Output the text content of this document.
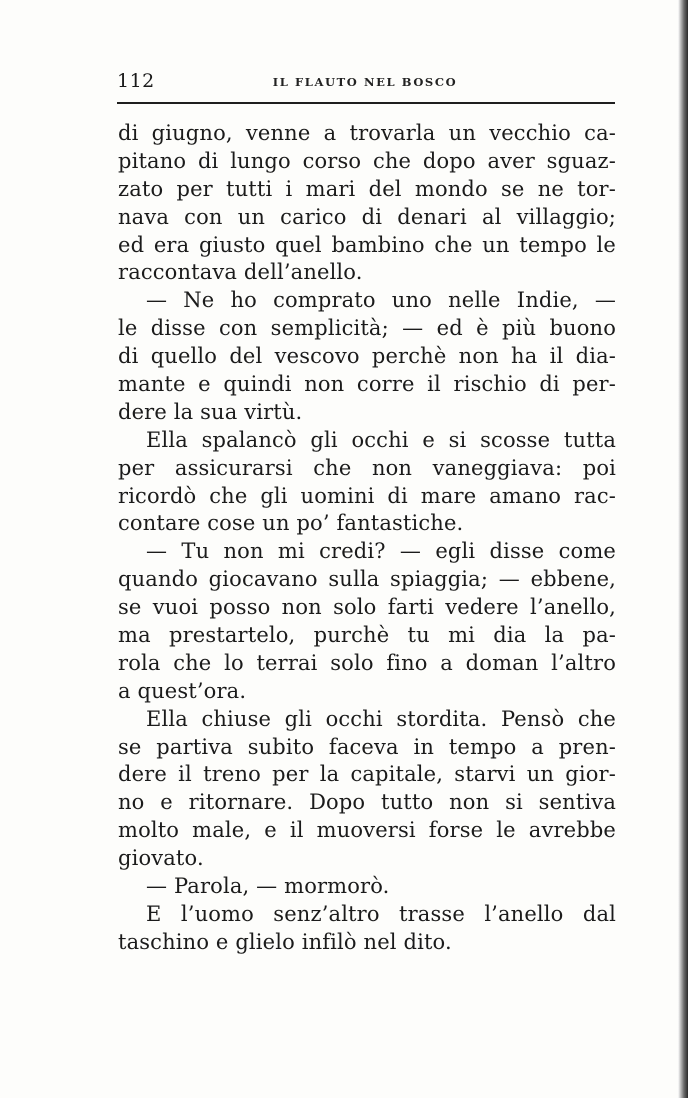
112	IL FLAUTO NEL BOSCO
di giugno, venne a trovarla un vecchio ca-
pitano di lungo corso che dopo aver sguaz-
zato per tutti i mari del mondo se ne tor-
nava con un carico di denari al villaggio;
ed era giusto quel bambino che un tempo le
raccontava dell’anello.
— Ne ho comprato uno nelle Indie, —
le disse con semplicità; — ed è più buono
di quello del vescovo perchè non ha il dia-
mante e quindi non corre il rischio di per-
dere la sua virtù.
Ella spalancò gli occhi e si scosse tutta
per assicurarsi che non vaneggiava: poi
ricordò che gli uomini di mare amano rac-
contare cose un po’ fantastiche.
— Tu non mi credi? — egli disse come
quando giocavano sulla spiaggia; — ebbene,
se vuoi posso non solo farti vedere l’anello,
ma prestartelo, purchè tu mi dia la pa-
rola che lo terrai solo fino a doman l’altro
a quest’ora.
Ella chiuse gli occhi stordita. Pensò che
se partiva subito faceva in tempo a pren-
dere il treno per la capitale, starvi un gior-
no e ritornare. Dopo tutto non si sentiva
molto male, e il muoversi forse le avrebbe
giovato.
— Parola, — mormorò.
E l’uomo senz’altro trasse l’anello dal
taschino e glielo infilò nel dito.
